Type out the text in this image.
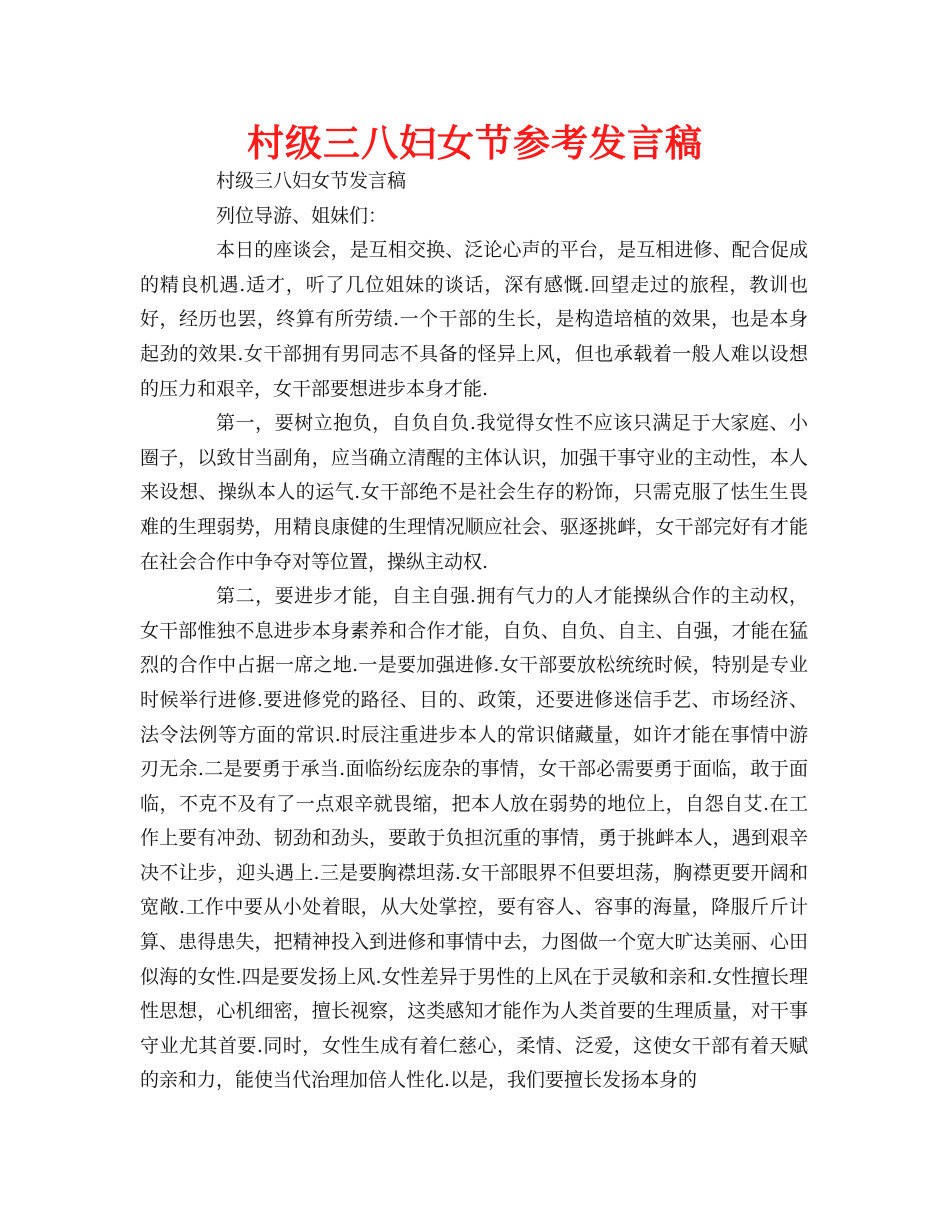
村级三八妇女节参考发言稿

村级三八妇女节发言稿

列位导游、姐妹们：

本日的座谈会，是互相交换、泛论心声的平台，是互相进修、配合促成的精良机遇.适才，听了几位姐妹的谈话，深有感慨.回望走过的旅程，教训也好，经历也罢，终算有所劳绩.一个干部的生长，是构造培植的效果，也是本身起劲的效果.女干部拥有男同志不具备的怪异上风，但也承载着一般人难以设想的压力和艰辛，女干部要想进步本身才能.

第一，要树立抱负，自负自负.我觉得女性不应该只满足于大家庭、小圈子，以致甘当副角，应当确立清醒的主体认识，加强干事守业的主动性，本人来设想、操纵本人的运气.女干部绝不是社会生存的粉饰，只需克服了怯生生畏难的生理弱势，用精良康健的生理情况顺应社会、驱逐挑衅，女干部完好有才能在社会合作中争夺对等位置，操纵主动权.

第二，要进步才能，自主自强.拥有气力的人才能操纵合作的主动权，女干部惟独不息进步本身素养和合作才能，自负、自负、自主、自强，才能在猛烈的合作中占据一席之地.一是要加强进修.女干部要放松统统时候，特别是专业时候举行进修.要进修党的路径、目的、政策，还要进修迷信手艺、市场经济、法令法例等方面的常识.时辰注重进步本人的常识储藏量，如许才能在事情中游刃无余.二是要勇于承当.面临纷纭庞杂的事情，女干部必需要勇于面临，敢于面临，不克不及有了一点艰辛就畏缩，把本人放在弱势的地位上，自怨自艾.在工作上要有冲劲、韧劲和劲头，要敢于负担沉重的事情，勇于挑衅本人，遇到艰辛决不让步，迎头遇上.三是要胸襟坦荡.女干部眼界不但要坦荡，胸襟更要开阔和宽敞.工作中要从小处着眼，从大处掌控，要有容人、容事的海量，降服斤斤计算、患得患失，把精神投入到进修和事情中去，力图做一个宽大旷达美丽、心田似海的女性.四是要发扬上风.女性差异于男性的上风在于灵敏和亲和.女性擅长理性思想，心机细密，擅长视察，这类感知才能作为人类首要的生理质量，对干事守业尤其首要.同时，女性生成有着仁慈心，柔情、泛爱，这使女干部有着天赋的亲和力，能使当代治理加倍人性化.以是，我们要擅长发扬本身的
